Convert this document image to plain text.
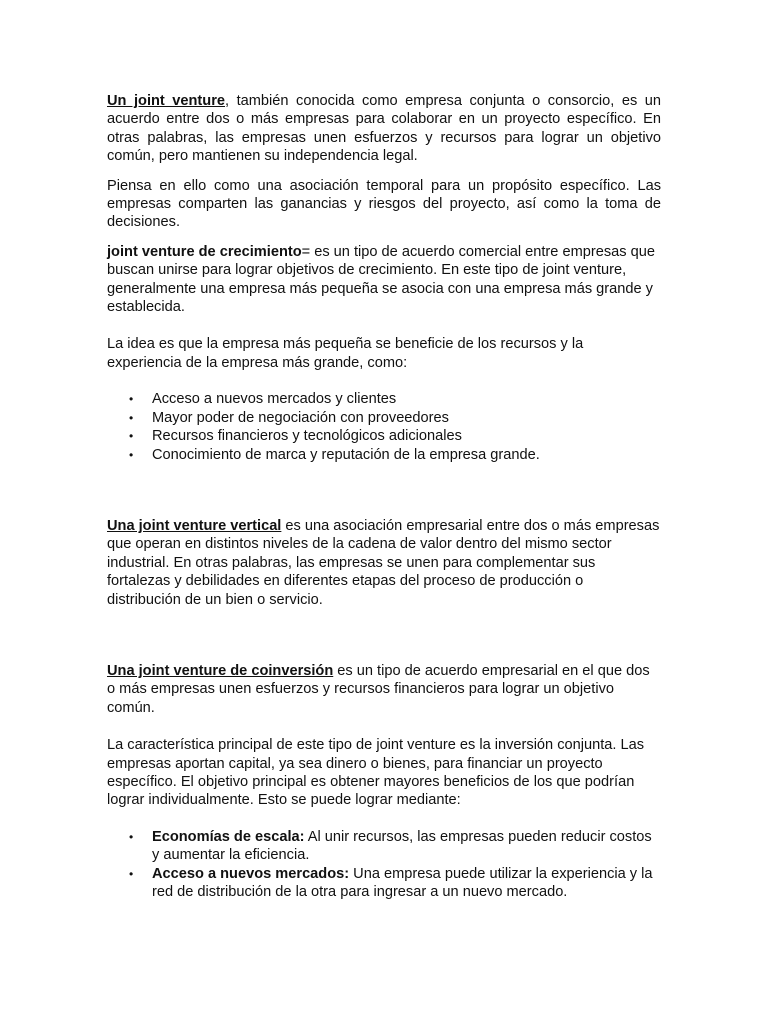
Un joint venture, también conocida como empresa conjunta o consorcio, es un acuerdo entre dos o más empresas para colaborar en un proyecto específico. En otras palabras, las empresas unen esfuerzos y recursos para lograr un objetivo común, pero mantienen su independencia legal.

Piensa en ello como una asociación temporal para un propósito específico. Las empresas comparten las ganancias y riesgos del proyecto, así como la toma de decisiones.

joint venture de crecimiento= es un tipo de acuerdo comercial entre empresas que buscan unirse para lograr objetivos de crecimiento. En este tipo de joint venture, generalmente una empresa más pequeña se asocia con una empresa más grande y establecida.

La idea es que la empresa más pequeña se beneficie de los recursos y la experiencia de la empresa más grande, como:

• Acceso a nuevos mercados y clientes
• Mayor poder de negociación con proveedores
• Recursos financieros y tecnológicos adicionales
• Conocimiento de marca y reputación de la empresa grande.

Una joint venture vertical es una asociación empresarial entre dos o más empresas que operan en distintos niveles de la cadena de valor dentro del mismo sector industrial. En otras palabras, las empresas se unen para complementar sus fortalezas y debilidades en diferentes etapas del proceso de producción o distribución de un bien o servicio.

Una joint venture de coinversión es un tipo de acuerdo empresarial en el que dos o más empresas unen esfuerzos y recursos financieros para lograr un objetivo común.

La característica principal de este tipo de joint venture es la inversión conjunta. Las empresas aportan capital, ya sea dinero o bienes, para financiar un proyecto específico. El objetivo principal es obtener mayores beneficios de los que podrían lograr individualmente. Esto se puede lograr mediante:

• Economías de escala: Al unir recursos, las empresas pueden reducir costos y aumentar la eficiencia.
• Acceso a nuevos mercados: Una empresa puede utilizar la experiencia y la red de distribución de la otra para ingresar a un nuevo mercado.
